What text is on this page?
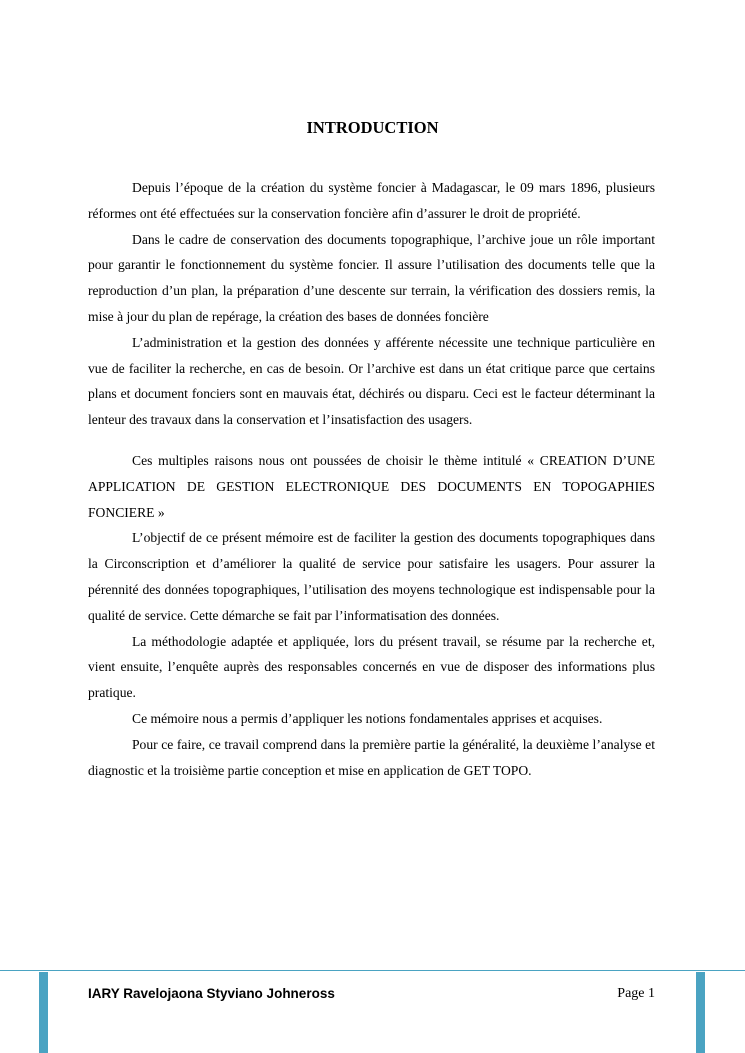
INTRODUCTION

Depuis l’époque de la création du système foncier à Madagascar, le 09 mars 1896, plusieurs réformes ont été effectuées sur la conservation foncière afin d’assurer le droit de propriété.

Dans le cadre de conservation des documents topographique, l’archive joue un rôle important pour garantir le fonctionnement du système foncier. Il assure l’utilisation des documents telle que la reproduction d’un plan, la préparation d’une descente sur terrain, la vérification des dossiers remis, la mise à jour du plan de repérage, la création des bases de données foncière

L’administration et la gestion des données y afférente nécessite une technique particulière en vue de faciliter la recherche, en cas de besoin. Or l’archive est dans un état critique parce que certains plans et document fonciers sont en mauvais état, déchirés ou disparu. Ceci est le facteur déterminant la lenteur des travaux dans la conservation et l’insatisfaction des usagers.

Ces multiples raisons nous ont poussées de choisir le thème intitulé « CREATION D’UNE APPLICATION DE GESTION ELECTRONIQUE DES DOCUMENTS EN TOPOGAPHIES FONCIERE »

L’objectif de ce présent mémoire est de faciliter la gestion des documents topographiques dans la Circonscription et d’améliorer la qualité de service pour satisfaire les usagers. Pour assurer la pérennité des données topographiques, l’utilisation des moyens technologique est indispensable pour la qualité de service. Cette démarche se fait par l’informatisation des données.

La méthodologie adaptée et appliquée, lors du présent travail, se résume par la recherche et, vient ensuite, l’enquête auprès des responsables concernés en vue de disposer des informations plus pratique.

Ce mémoire nous a permis d’appliquer les notions fondamentales apprises et acquises.

Pour ce faire, ce travail comprend dans la première partie la généralité, la deuxième l’analyse et diagnostic et la troisième partie conception et mise en application de GET TOPO.

IARY Ravelojaona Styviano Johneross	Page 1
